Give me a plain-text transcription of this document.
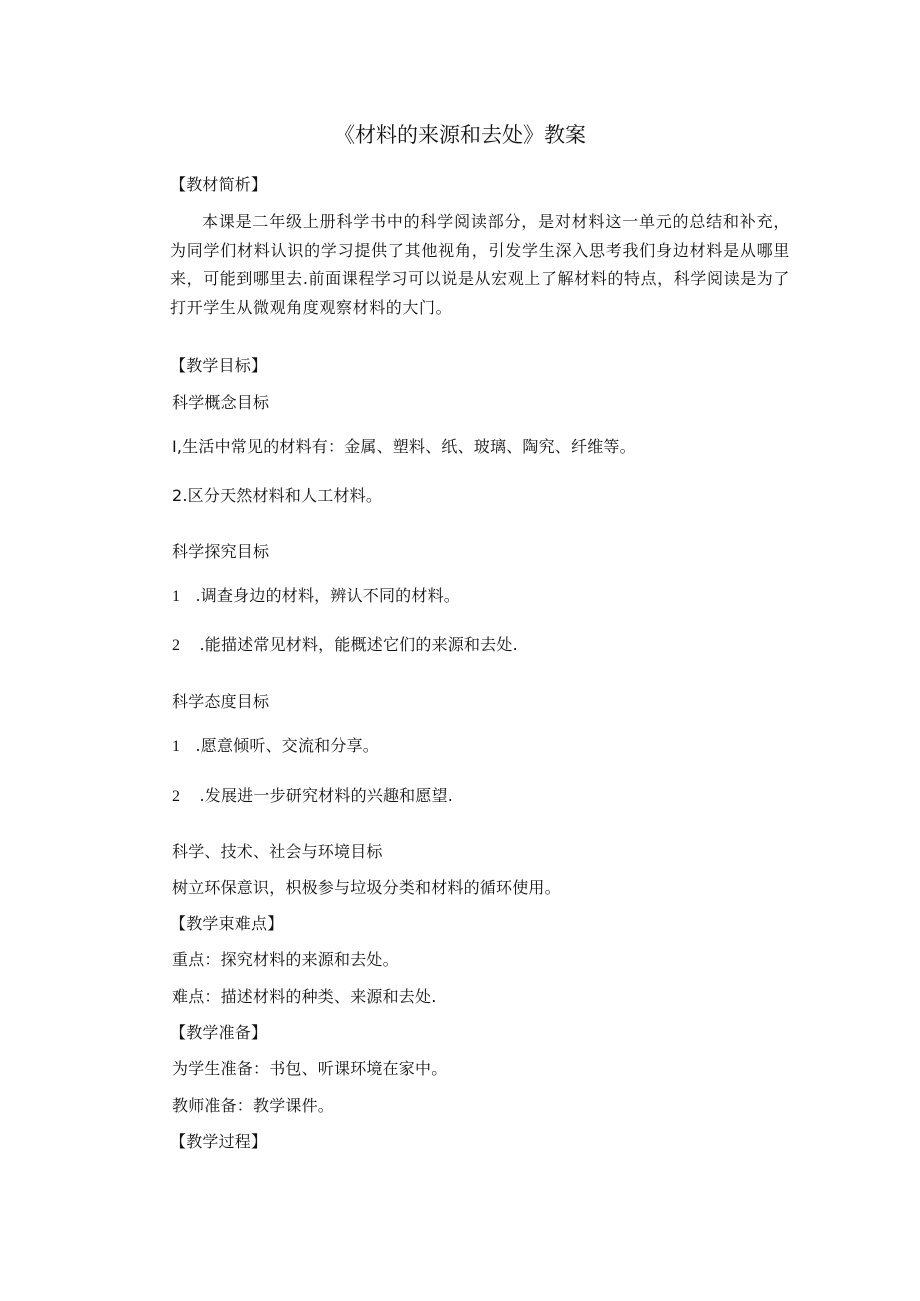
《材料的来源和去处》教案
【教材简析】
本课是二年级上册科学书中的科学阅读部分，是对材料这一单元的总结和补充，为同学们材料认识的学习提供了其他视角，引发学生深入思考我们身边材料是从哪里来，可能到哪里去.前面课程学习可以说是从宏观上了解材料的特点，科学阅读是为了打开学生从微观角度观察材料的大门。
【教学目标】
科学概念目标
I,生活中常见的材料有：金属、塑料、纸、玻璃、陶究、纤维等。
2.区分天然材料和人工材料。
科学探究目标
1 .调查身边的材料，辨认不同的材料。
2 .能描述常见材料，能概述它们的来源和去处.
科学态度目标
1 .愿意倾听、交流和分享。
2 .发展进一步研究材料的兴趣和愿望.
科学、技术、社会与环境目标
树立环保意识，枳极参与垃圾分类和材料的循环使用。
【教学束难点】
重点：探究材料的来源和去处。
难点：描述材料的种类、来源和去处.
【教学准备】
为学生准备：书包、听课环境在家中。
教师准备：教学课件。
【教学过程】
